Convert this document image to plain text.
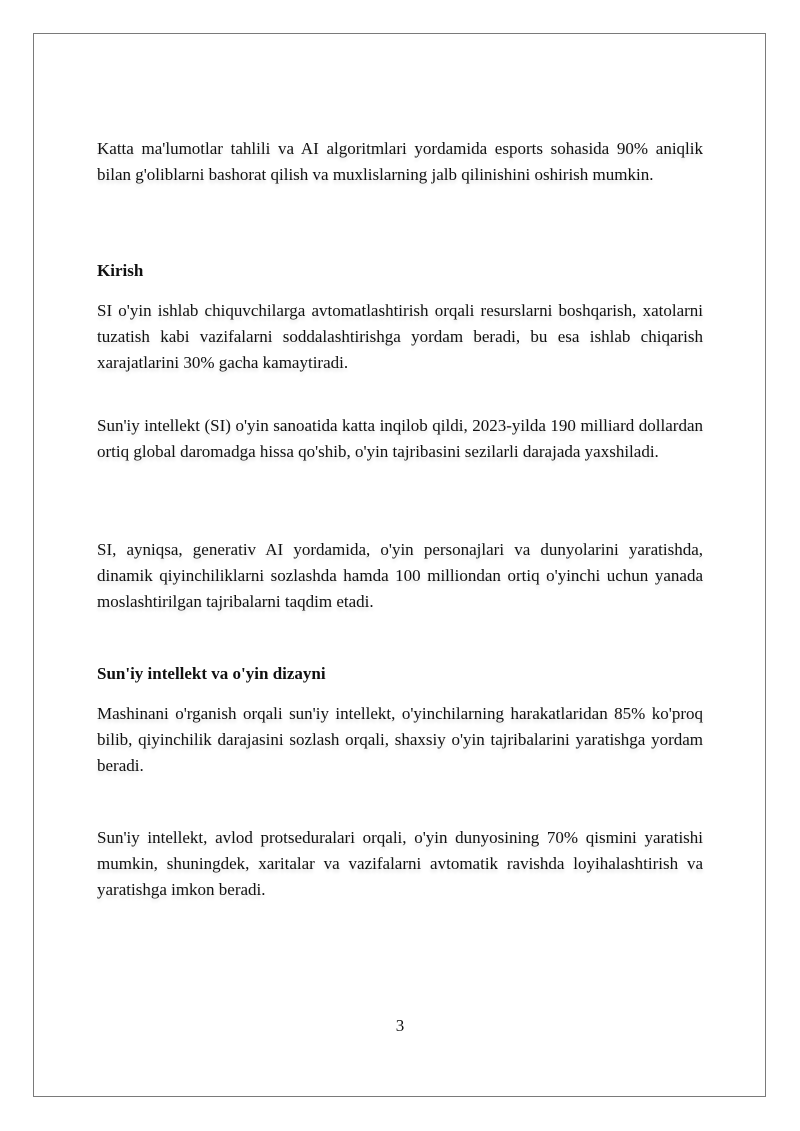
Katta ma'lumotlar tahlili va AI algoritmlari yordamida esports sohasida 90% aniqlik bilan g'oliblarni bashorat qilish va muxlislarning jalb qilinishini oshirish mumkin.

Kirish

SI o'yin ishlab chiquvchilarga avtomatlashtirish orqali resurslarni boshqarish, xatolarni tuzatish kabi vazifalarni soddalashtirishga yordam beradi, bu esa ishlab chiqarish xarajatlarini 30% gacha kamaytiradi.

Sun'iy intellekt (SI) o'yin sanoatida katta inqilob qildi, 2023-yilda 190 milliard dollardan ortiq global daromadga hissa qo'shib, o'yin tajribasini sezilarli darajada yaxshiladi.

SI, ayniqsa, generativ AI yordamida, o'yin personajlari va dunyolarini yaratishda, dinamik qiyinchiliklarni sozlashda hamda 100 milliondan ortiq o'yinchi uchun yanada moslashtirilgan tajribalarni taqdim etadi.

Sun'iy intellekt va o'yin dizayni

Mashinani o'rganish orqali sun'iy intellekt, o'yinchilarning harakatlaridan 85% ko'proq bilib, qiyinchilik darajasini sozlash orqali, shaxsiy o'yin tajribalarini yaratishga yordam beradi.

Sun'iy intellekt, avlod protseduralari orqali, o'yin dunyosining 70% qismini yaratishi mumkin, shuningdek, xaritalar va vazifalarni avtomatik ravishda loyihalashtirish va yaratishga imkon beradi.

3
